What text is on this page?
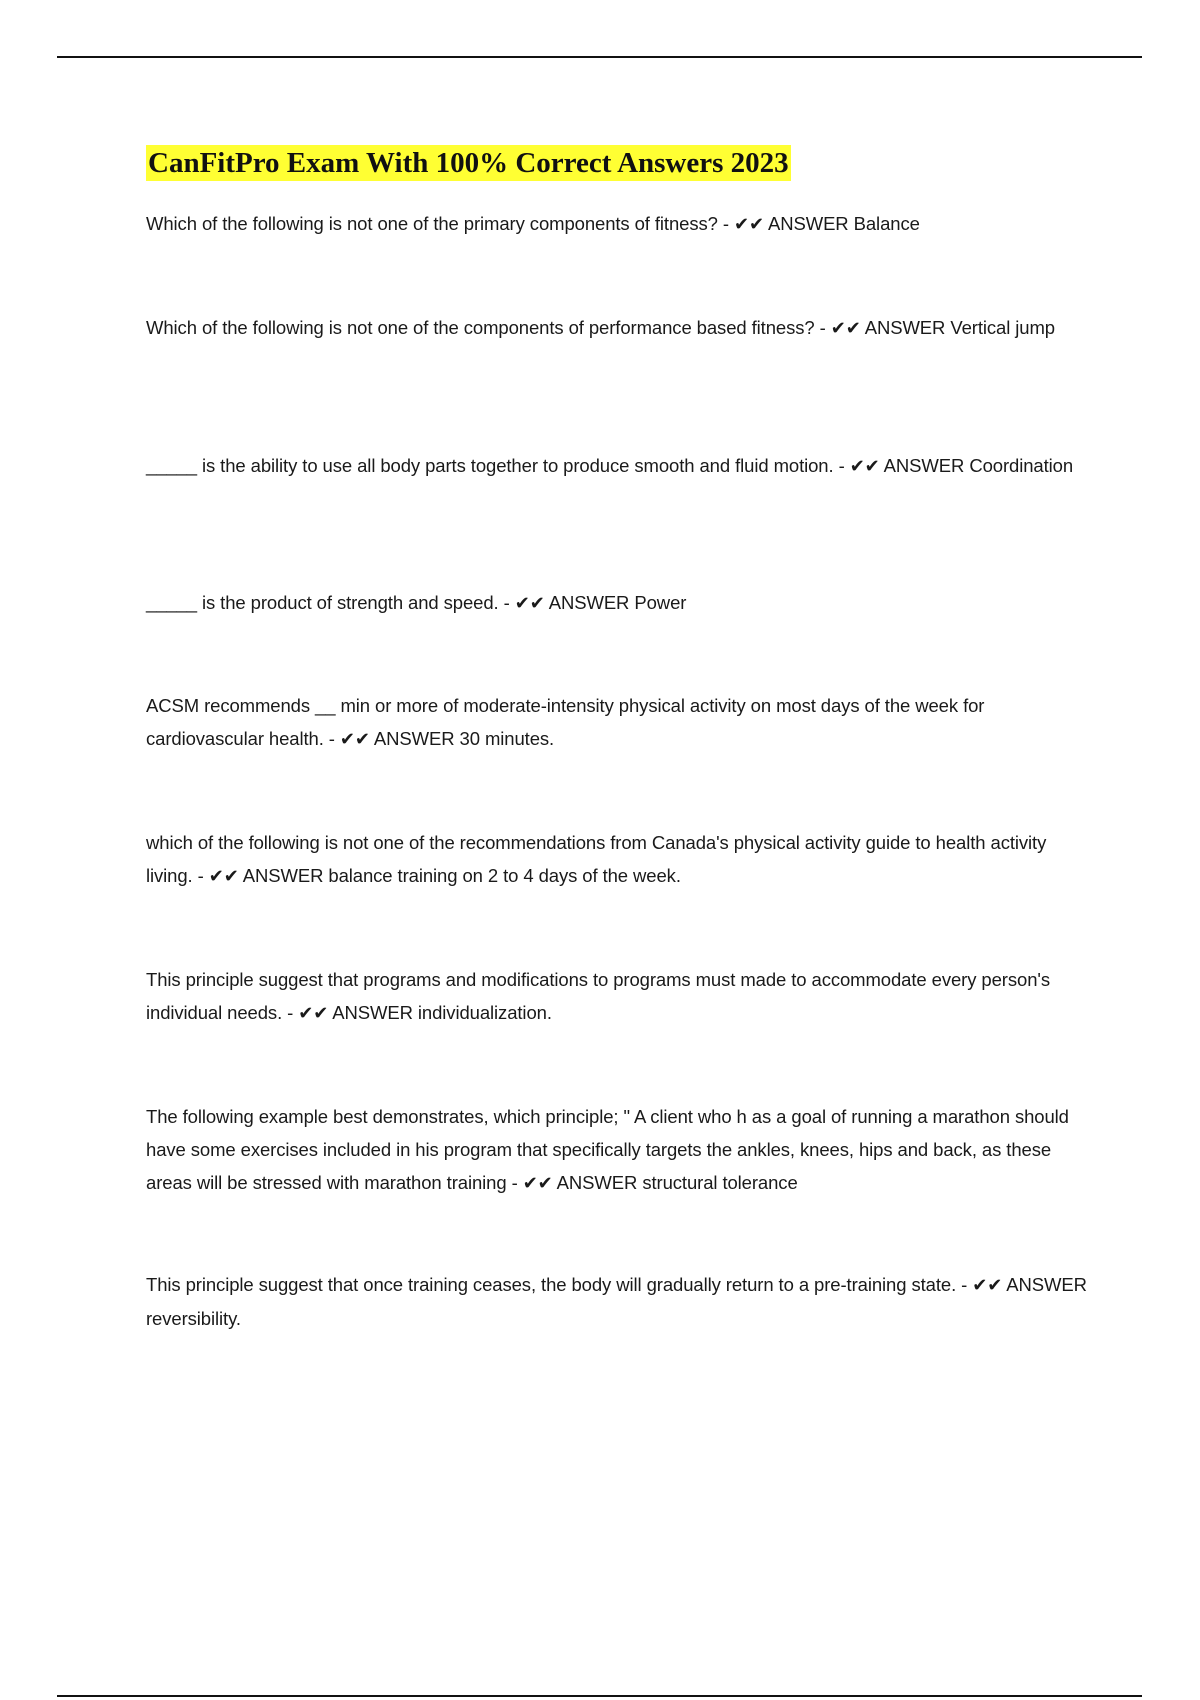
CanFitPro Exam With 100% Correct Answers 2023
Which of the following is not one of the primary components of fitness? - ✔✔ ANSWER Balance
Which of the following is not one of the components of performance based fitness? - ✔✔ ANSWER Vertical jump
_____ is the ability to use all body parts together to produce smooth and fluid motion. - ✔✔ ANSWER Coordination
_____ is the product of strength and speed. - ✔✔ ANSWER Power
ACSM recommends __ min or more of moderate-intensity physical activity on most days of the week for cardiovascular health. - ✔✔ ANSWER 30 minutes.
which of the following is not one of the recommendations from Canada's physical activity guide to health activity living. - ✔✔ ANSWER balance training on 2 to 4 days of the week.
This principle suggest that programs and modifications to programs must made to accommodate every person's individual needs. - ✔✔ ANSWER individualization.
The following example best demonstrates, which principle; " A client who h as a goal of running a marathon should have some exercises included in his program that specifically targets the ankles, knees, hips and back, as these areas will be stressed with marathon training - ✔✔ ANSWER structural tolerance
This principle suggest that once training ceases, the body will gradually return to a pre-training state. - ✔✔ ANSWER reversibility.
